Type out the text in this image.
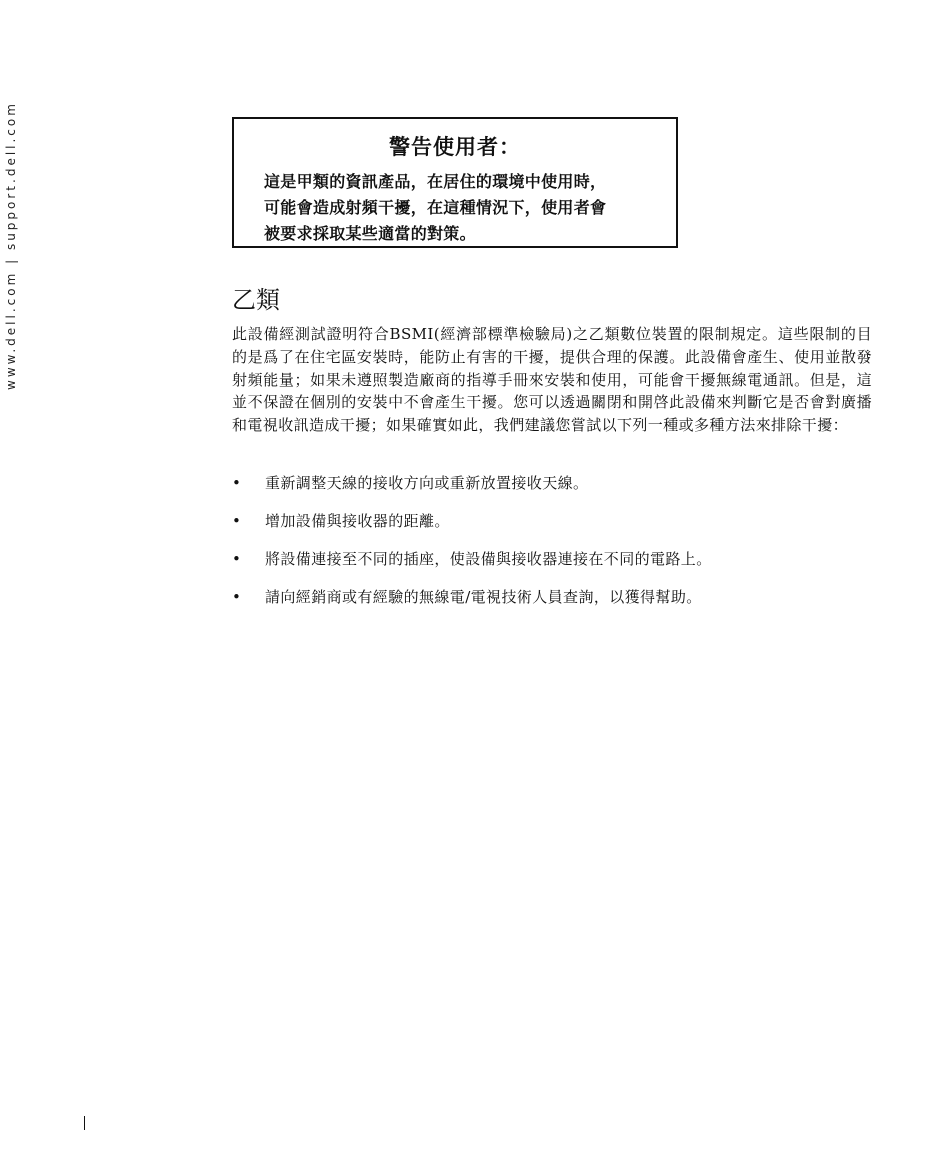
www.dell.com | support.dell.com	警告使用者：

這是甲類的資訊產品，在居住的環境中使用時，

可能會造成射頻干擾，在這種情況下，使用者會

被要求採取某些適當的對策。

乙類

此設備經測試證明符合BSMI(經濟部標準檢驗局)之乙類數位裝置的限制規定。這些限制的目的是爲了在住宅區安裝時，能防止有害的干擾，提供合理的保護。此設備會產生、使用並散發射頻能量；如果未遵照製造廠商的指導手冊來安裝和使用，可能會干擾無線電通訊。但是，這並不保證在個別的安裝中不會產生干擾。您可以透過關閉和開啓此設備來判斷它是否會對廣播和電視收訊造成干擾；如果確實如此，我們建議您嘗試以下列一種或多種方法來排除干擾：

• 重新調整天線的接收方向或重新放置接收天線。
• 增加設備與接收器的距離。
• 將設備連接至不同的插座，使設備與接收器連接在不同的電路上。
• 請向經銷商或有經驗的無線電/電視技術人員查詢，以獲得幫助。
